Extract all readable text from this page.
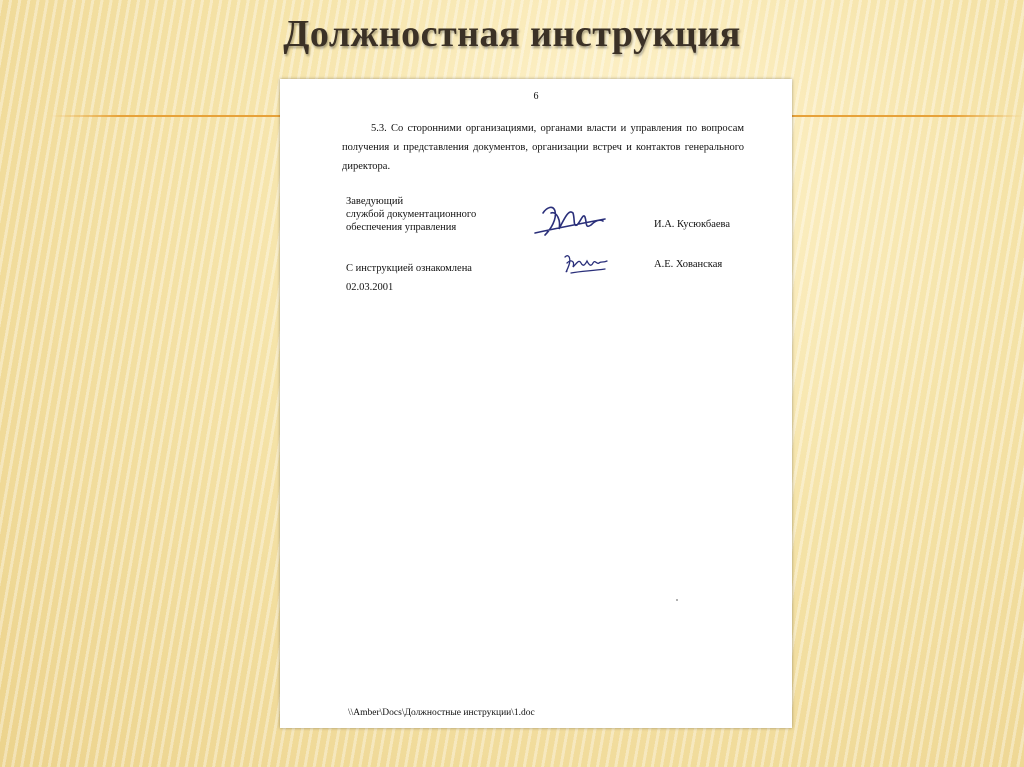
Должностная инструкция
6

5.3. Со сторонними организациями, органами власти и управления по вопросам получения и представления документов, организации встреч и контактов генерального директора.

Заведующий
службой документационного
обеспечения управления	И.А. Кусюкбаева
С инструкцией ознакомлена
02.03.2001
А.Е. Хованская
\\Amber\Docs\Должностные инструкции\1.doc
